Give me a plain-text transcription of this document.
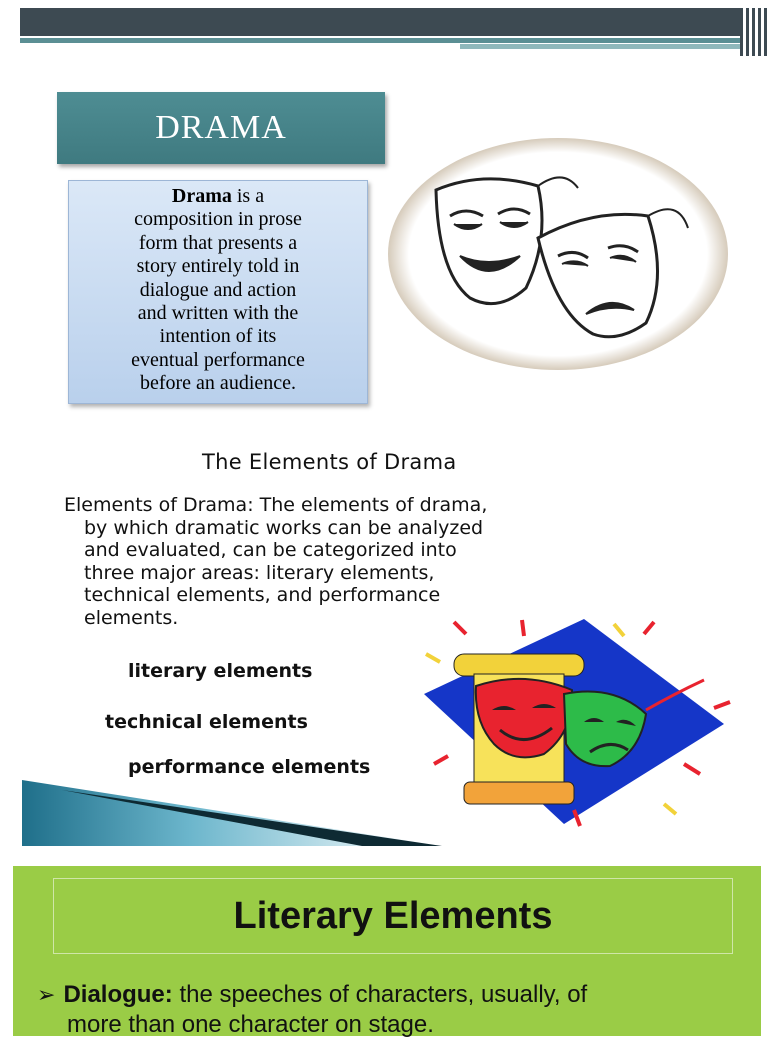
DRAMA
Drama is a
composition in prose
form that presents a
story entirely told in
dialogue and action
and written with the
intention of its
eventual performance
before an audience.
The Elements of Drama
Elements of Drama: The elements of drama,
by which dramatic works can be analyzed
and evaluated, can be categorized into
three major areas: literary elements,
technical elements, and performance
elements.
literary elements
technical elements
performance elements
Literary Elements
➢ Dialogue: the speeches of characters, usually, of
more than one character on stage.
